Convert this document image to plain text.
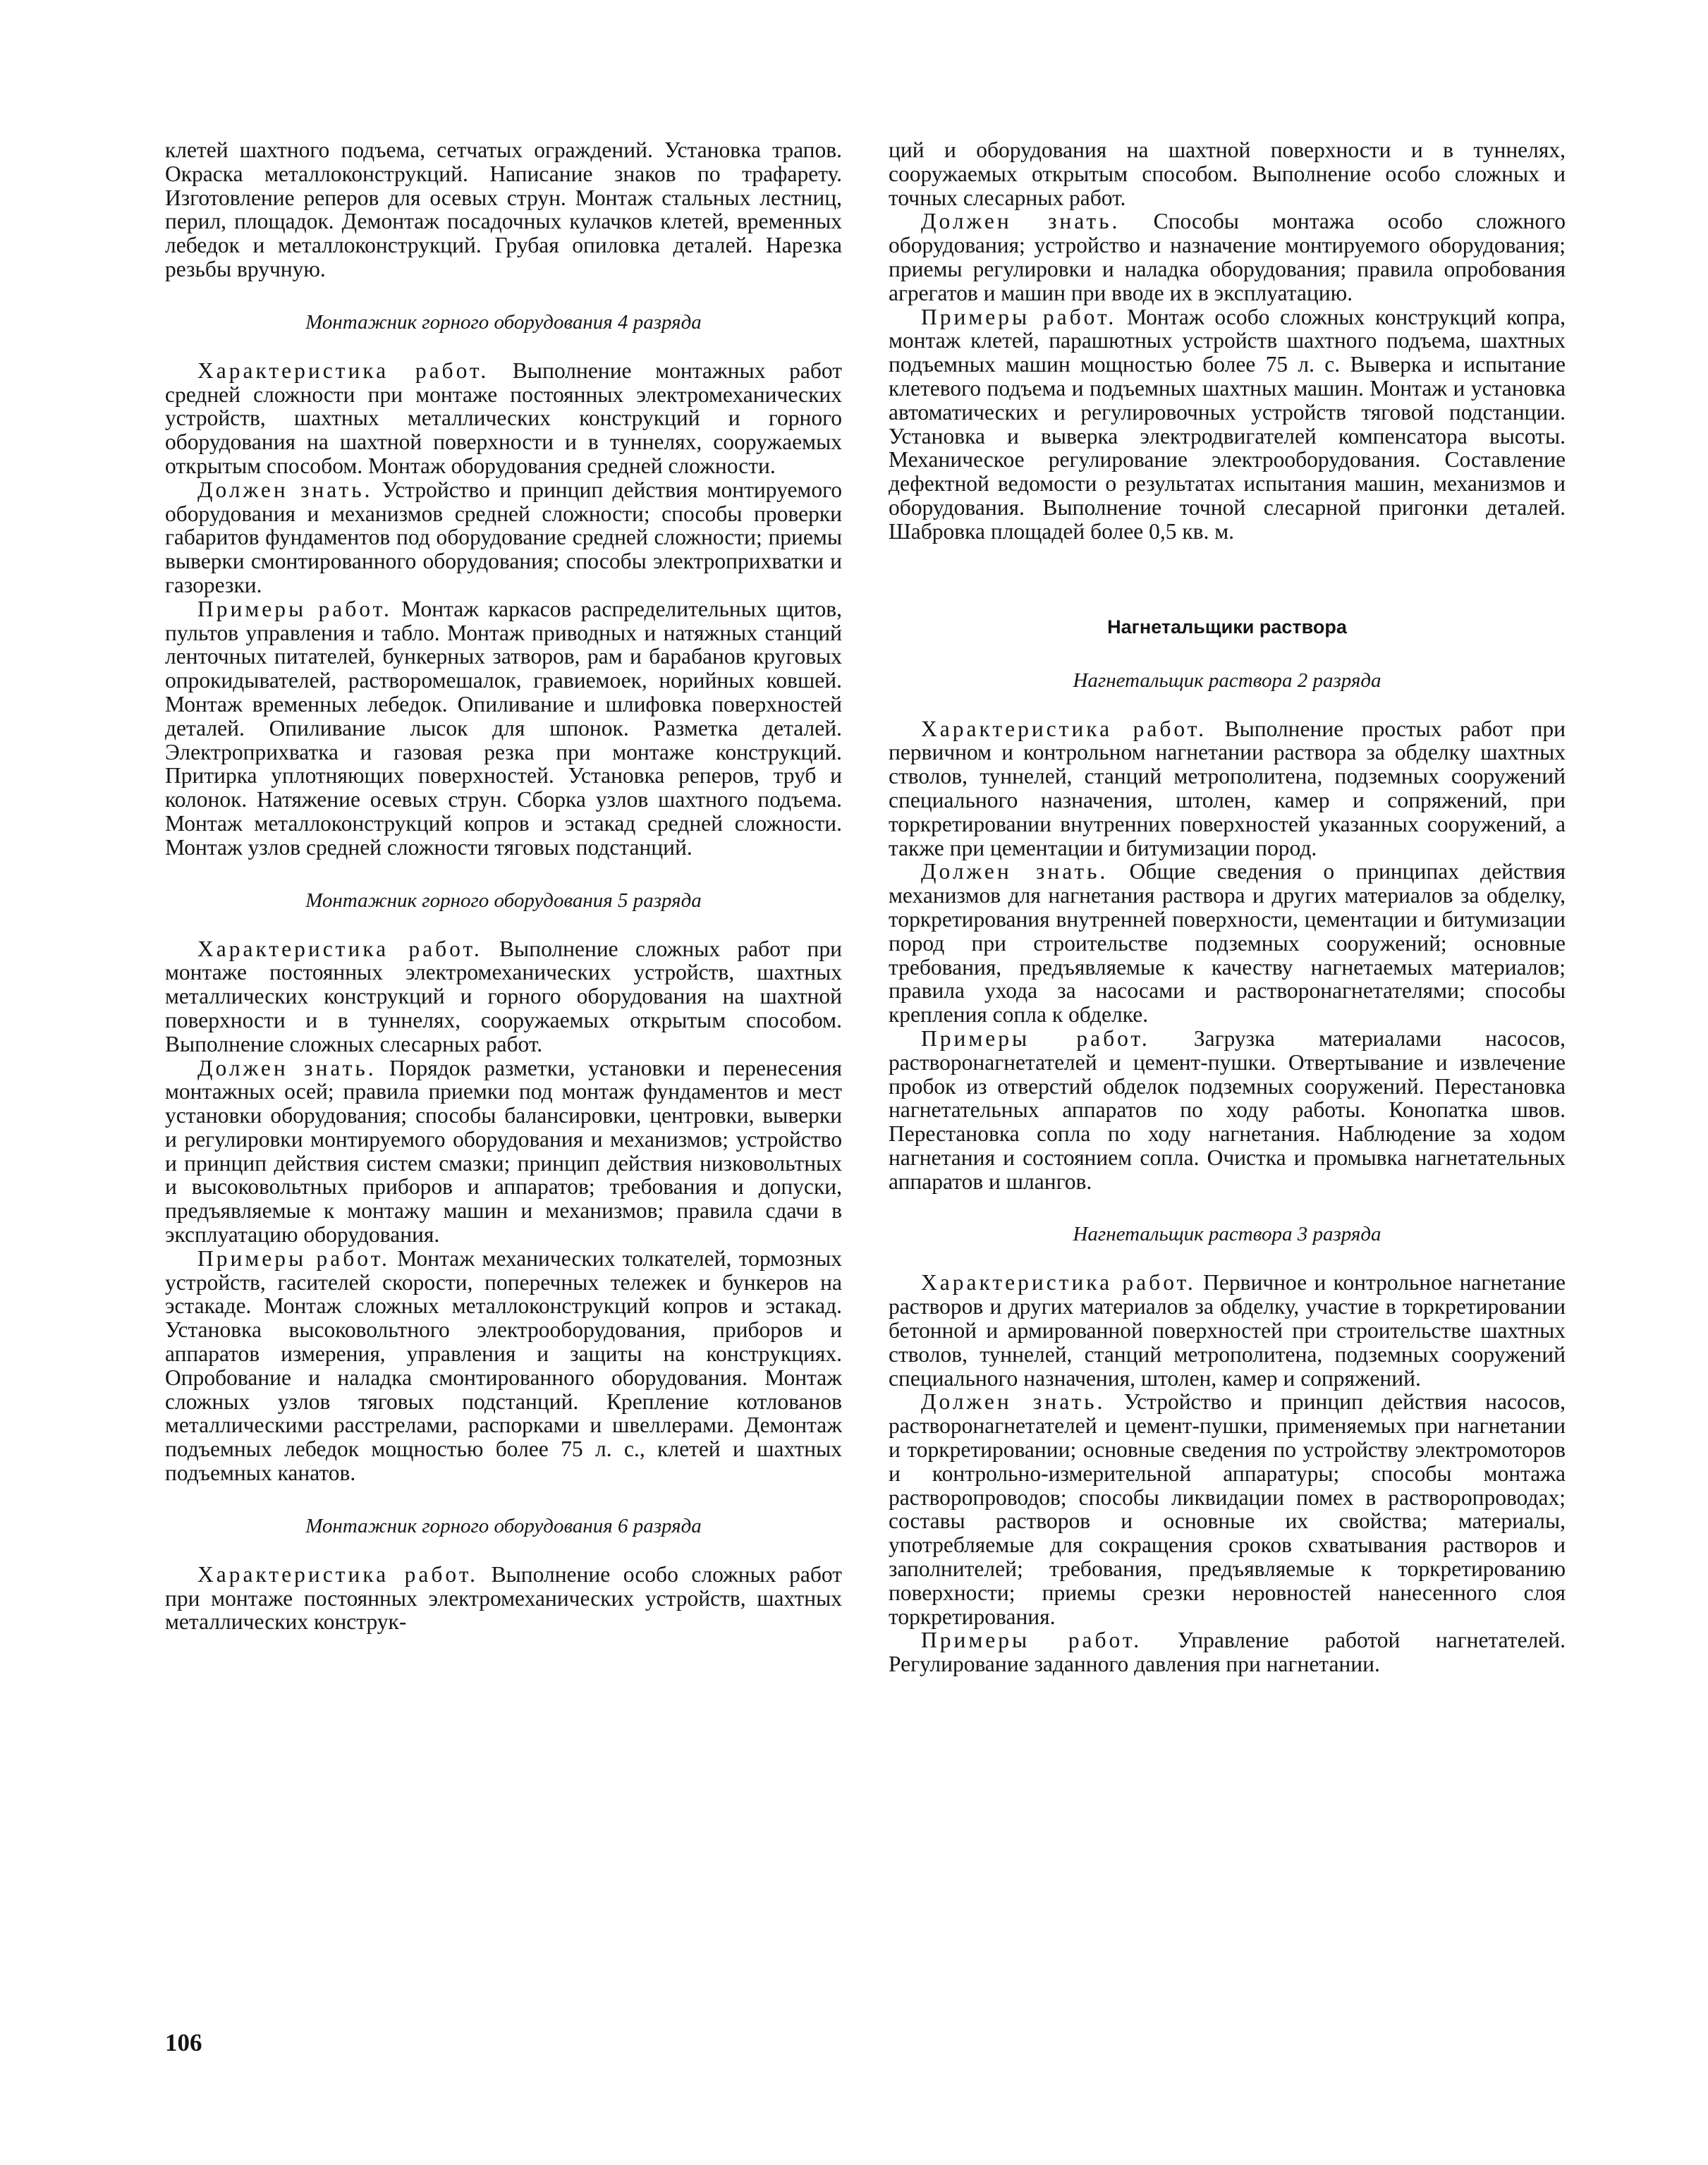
клетей шахтного подъема, сетчатых ограждений. Установка трапов. Окраска металлоконструкций. Написание знаков по трафарету. Изготовление реперов для осевых струн. Монтаж стальных лестниц, перил, площадок. Демонтаж посадочных кулачков клетей, временных лебедок и металлоконструкций. Грубая опиловка деталей. Нарезка резьбы вручную.

Монтажник горного оборудования 4 разряда

Характеристика работ. Выполнение монтажных работ средней сложности при монтаже постоянных электромеханических устройств, шахтных металлических конструкций и горного оборудования на шахтной поверхности и в туннелях, сооружаемых открытым способом. Монтаж оборудования средней сложности.

Должен знать. Устройство и принцип действия монтируемого оборудования и механизмов средней сложности; способы проверки габаритов фундаментов под оборудование средней сложности; приемы выверки смонтированного оборудования; способы электроприхватки и газорезки.

Примеры работ. Монтаж каркасов распределительных щитов, пультов управления и табло. Монтаж приводных и натяжных станций ленточных питателей, бункерных затворов, рам и барабанов круговых опрокидывателей, растворомешалок, гравиемоек, норийных ковшей. Монтаж временных лебедок. Опиливание и шлифовка поверхностей деталей. Опиливание лысок для шпонок. Разметка деталей. Электроприхватка и газовая резка при монтаже конструкций. Притирка уплотняющих поверхностей. Установка реперов, труб и колонок. Натяжение осевых струн. Сборка узлов шахтного подъема. Монтаж металлоконструкций копров и эстакад средней сложности. Монтаж узлов средней сложности тяговых подстанций.

Монтажник горного оборудования 5 разряда

Характеристика работ. Выполнение сложных работ при монтаже постоянных электромеханических устройств, шахтных металлических конструкций и горного оборудования на шахтной поверхности и в туннелях, сооружаемых открытым способом. Выполнение сложных слесарных работ.

Должен знать. Порядок разметки, установки и перенесения монтажных осей; правила приемки под монтаж фундаментов и мест установки оборудования; способы балансировки, центровки, выверки и регулировки монтируемого оборудования и механизмов; устройство и принцип действия систем смазки; принцип действия низковольтных и высоковольтных приборов и аппаратов; требования и допуски, предъявляемые к монтажу машин и механизмов; правила сдачи в эксплуатацию оборудования.

Примеры работ. Монтаж механических толкателей, тормозных устройств, гасителей скорости, поперечных тележек и бункеров на эстакаде. Монтаж сложных металлоконструкций копров и эстакад. Установка высоковольтного электрооборудования, приборов и аппаратов измерения, управления и защиты на конструкциях. Опробование и наладка смонтированного оборудования. Монтаж сложных узлов тяговых подстанций. Крепление котлованов металлическими расстрелами, распорками и швеллерами. Демонтаж подъемных лебедок мощностью более 75 л. с., клетей и шахтных подъемных канатов.

Монтажник горного оборудования 6 разряда

Характеристика работ. Выполнение особо сложных работ при монтаже постоянных электромеханических устройств, шахтных металлических конструк-

ций и оборудования на шахтной поверхности и в туннелях, сооружаемых открытым способом. Выполнение особо сложных и точных слесарных работ.

Должен знать. Способы монтажа особо сложного оборудования; устройство и назначение монтируемого оборудования; приемы регулировки и наладка оборудования; правила опробования агрегатов и машин при вводе их в эксплуатацию.

Примеры работ. Монтаж особо сложных конструкций копра, монтаж клетей, парашютных устройств шахтного подъема, шахтных подъемных машин мощностью более 75 л. с. Выверка и испытание клетевого подъема и подъемных шахтных машин. Монтаж и установка автоматических и регулировочных устройств тяговой подстанции. Установка и выверка электродвигателей компенсатора высоты. Механическое регулирование электрооборудования. Составление дефектной ведомости о результатах испытания машин, механизмов и оборудования. Выполнение точной слесарной пригонки деталей. Шабровка площадей более 0,5 кв. м.

Нагнетальщики раствора
Нагнетальщик раствора 2 разряда

Характеристика работ. Выполнение простых работ при первичном и контрольном нагнетании раствора за обделку шахтных стволов, туннелей, станций метрополитена, подземных сооружений специального назначения, штолен, камер и сопряжений, при торкретировании внутренних поверхностей указанных сооружений, а также при цементации и битумизации пород.

Должен знать. Общие сведения о принципах действия механизмов для нагнетания раствора и других материалов за обделку, торкретирования внутренней поверхности, цементации и битумизации пород при строительстве подземных сооружений; основные требования, предъявляемые к качеству нагнетаемых материалов; правила ухода за насосами и растворонагнетателями; способы крепления сопла к обделке.

Примеры работ. Загрузка материалами насосов, растворонагнетателей и цемент-пушки. Отвертывание и извлечение пробок из отверстий обделок подземных сооружений. Перестановка нагнетательных аппаратов по ходу работы. Конопатка швов. Перестановка сопла по ходу нагнетания. Наблюдение за ходом нагнетания и состоянием сопла. Очистка и промывка нагнетательных аппаратов и шлангов.

Нагнетальщик раствора 3 разряда

Характеристика работ. Первичное и контрольное нагнетание растворов и других материалов за обделку, участие в торкретировании бетонной и армированной поверхностей при строительстве шахтных стволов, туннелей, станций метрополитена, подземных сооружений специального назначения, штолен, камер и сопряжений.

Должен знать. Устройство и принцип действия насосов, растворонагнетателей и цемент-пушки, применяемых при нагнетании и торкретировании; основные сведения по устройству электромоторов и контрольно-измерительной аппаратуры; способы монтажа растворопроводов; способы ликвидации помех в растворопроводах; составы растворов и основные их свойства; материалы, употребляемые для сокращения сроков схватывания растворов и заполнителей; требования, предъявляемые к торкретированию поверхности; приемы срезки неровностей нанесенного слоя торкретирования.

Примеры работ. Управление работой нагнетателей. Регулирование заданного давления при нагнетании.

106
